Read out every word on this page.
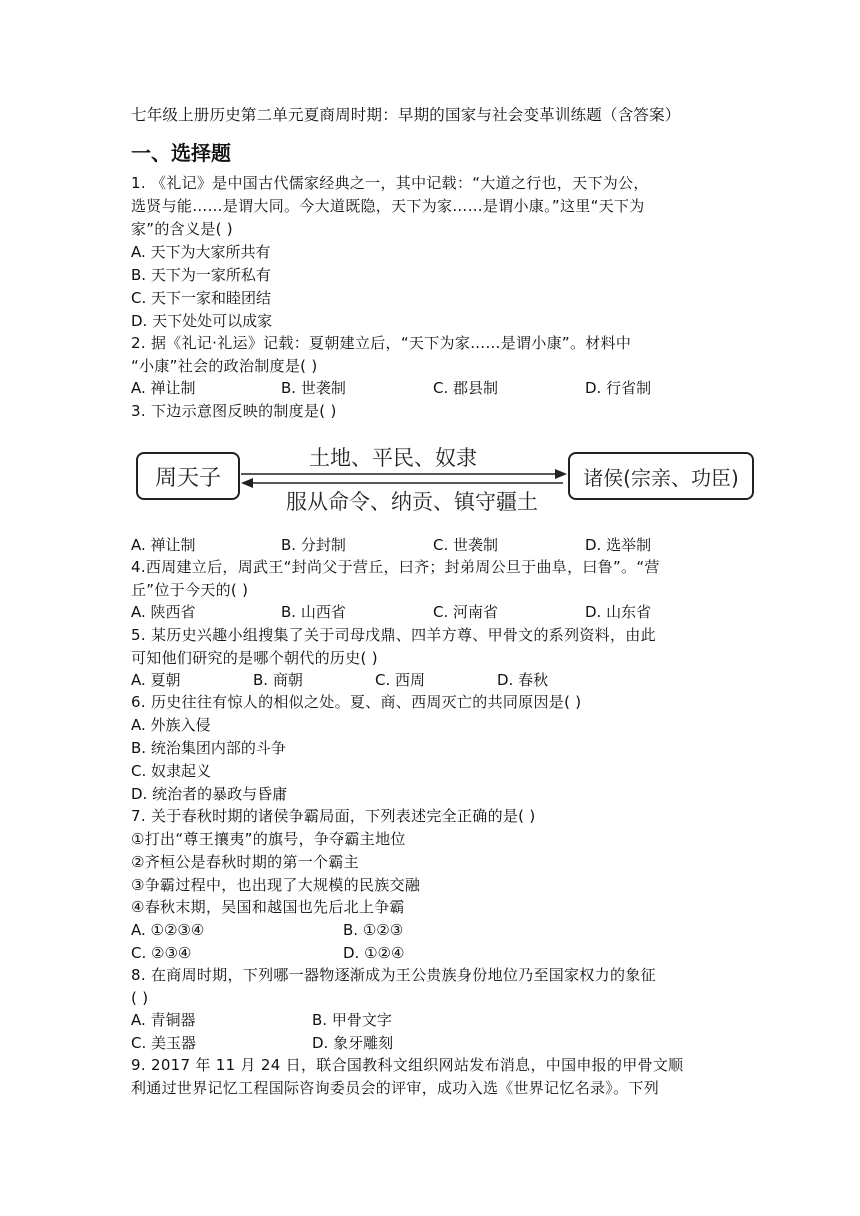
七年级上册历史第二单元夏商周时期：早期的国家与社会变革训练题（含答案）
一、选择题
1. 《礼记》是中国古代儒家经典之一，其中记载：“大道之行也，天下为公，
选贤与能……是谓大同。今大道既隐，天下为家……是谓小康。”这里“天下为
家”的含义是( )
A. 天下为大家所共有
B. 天下为一家所私有
C. 天下一家和睦团结
D. 天下处处可以成家
2. 据《礼记·礼运》记载：夏朝建立后，“天下为家……是谓小康”。材料中
“小康”社会的政治制度是( )
A. 禅让制	B. 世袭制	C. 郡县制	D. 行省制
3. 下边示意图反映的制度是( )
周天子	诸侯(宗亲、功臣)
土地、平民、奴隶
服从命令、纳贡、镇守疆土
A. 禅让制	B. 分封制	C. 世袭制	D. 选举制
4.西周建立后，周武王“封尚父于营丘，曰齐；封弟周公旦于曲阜，曰鲁”。“营
丘”位于今天的( )
A. 陕西省	B. 山西省	C. 河南省	D. 山东省
5. 某历史兴趣小组搜集了关于司母戊鼎、四羊方尊、甲骨文的系列资料，由此
可知他们研究的是哪个朝代的历史( )
A. 夏朝	B. 商朝	C. 西周	D. 春秋
6. 历史往往有惊人的相似之处。夏、商、西周灭亡的共同原因是( )
A. 外族入侵
B. 统治集团内部的斗争
C. 奴隶起义
D. 统治者的暴政与昏庸
7. 关于春秋时期的诸侯争霸局面，下列表述完全正确的是( )
①打出“尊王攘夷”的旗号，争夺霸主地位
②齐桓公是春秋时期的第一个霸主
③争霸过程中，也出现了大规模的民族交融
④春秋末期，吴国和越国也先后北上争霸
A. ①②③④	B. ①②③
C. ②③④	D. ①②④
8. 在商周时期，下列哪一器物逐渐成为王公贵族身份地位乃至国家权力的象征
( )
A. 青铜器	B. 甲骨文字
C. 美玉器	D. 象牙雕刻
9. 2017 年 11 月 24 日，联合国教科文组织网站发布消息，中国申报的甲骨文顺
利通过世界记忆工程国际咨询委员会的评审，成功入选《世界记忆名录》。下列
